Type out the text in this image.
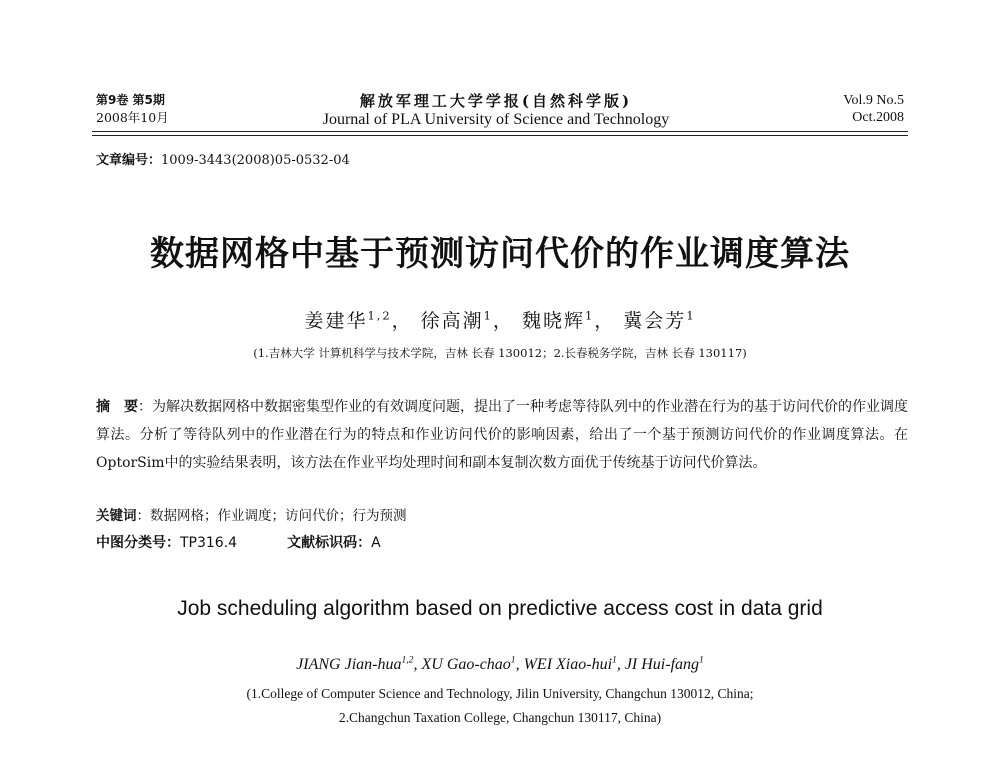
第9卷 第5期
2008年10月
解放军理工大学学报(自然科学版)
Journal of PLA University of Science and Technology
Vol.9 No.5
Oct.2008
文章编号：1009-3443(2008)05-0532-04
数据网格中基于预测访问代价的作业调度算法
姜建华$^{1,2}$， 徐高潮$^1$， 魏晓辉$^1$， 冀会芳$^1$
(1.吉林大学 计算机科学与技术学院，吉林 长春 130012；2.长春税务学院，吉林 长春 130117)
摘　要：为解决数据网格中数据密集型作业的有效调度问题，提出了一种考虑等待队列中的作业潜在行为的基于访问代价的作业调度算法。分析了等待队列中的作业潜在行为的特点和作业访问代价的影响因素，给出了一个基于预测访问代价的作业调度算法。在OptorSim中的实验结果表明，该方法在作业平均处理时间和副本复制次数方面优于传统基于访问代价算法。
关键词：数据网格；作业调度；访问代价；行为预测
中图分类号：TP316.4	文献标识码：A
Job scheduling algorithm based on predictive access cost in data grid
JIANG Jian-hua$^{1,2}$, XU Gao-chao$^1$, WEI Xiao-hui$^1$, JI Hui-fang$^1$
(1.College of Computer Science and Technology, Jilin University, Changchun 130012, China;
2.Changchun Taxation College, Changchun 130117, China)
